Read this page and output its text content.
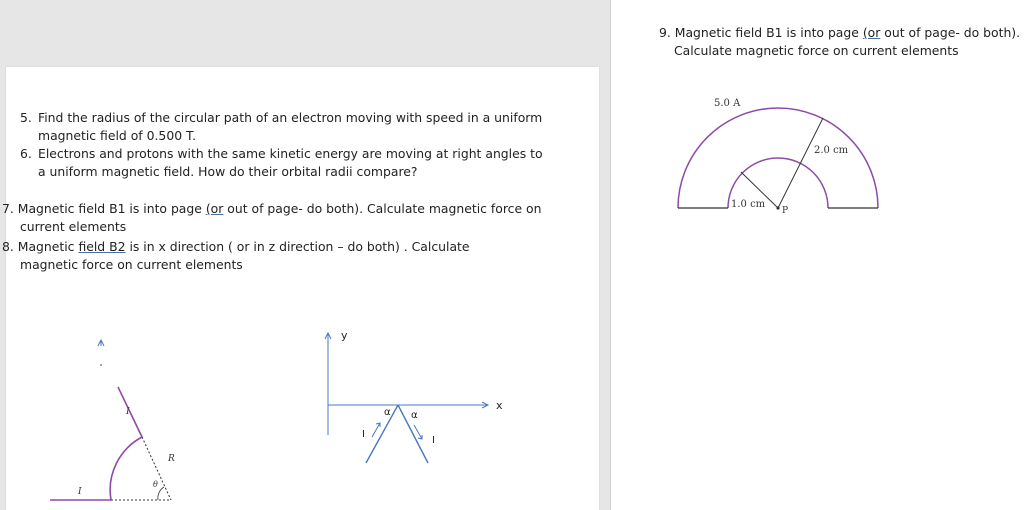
5. Find the radius of the circular path of an electron moving with speed in a uniform
magnetic field of 0.500 T.
6. Electrons and protons with the same kinetic energy are moving at right angles to
a uniform magnetic field. How do their orbital radii compare?
7. Magnetic field B1 is into page (or out of page- do both). Calculate magnetic force on
current elements
8. Magnetic field B2 is in x direction ( or in z direction – do both) . Calculate
magnetic force on current elements
I
R
θ
I
y
x
α α
I
I
9. Magnetic field B1 is into page (or out of page- do both).
Calculate magnetic force on current elements
5.0 A
2.0 cm
1.0 cm
P
